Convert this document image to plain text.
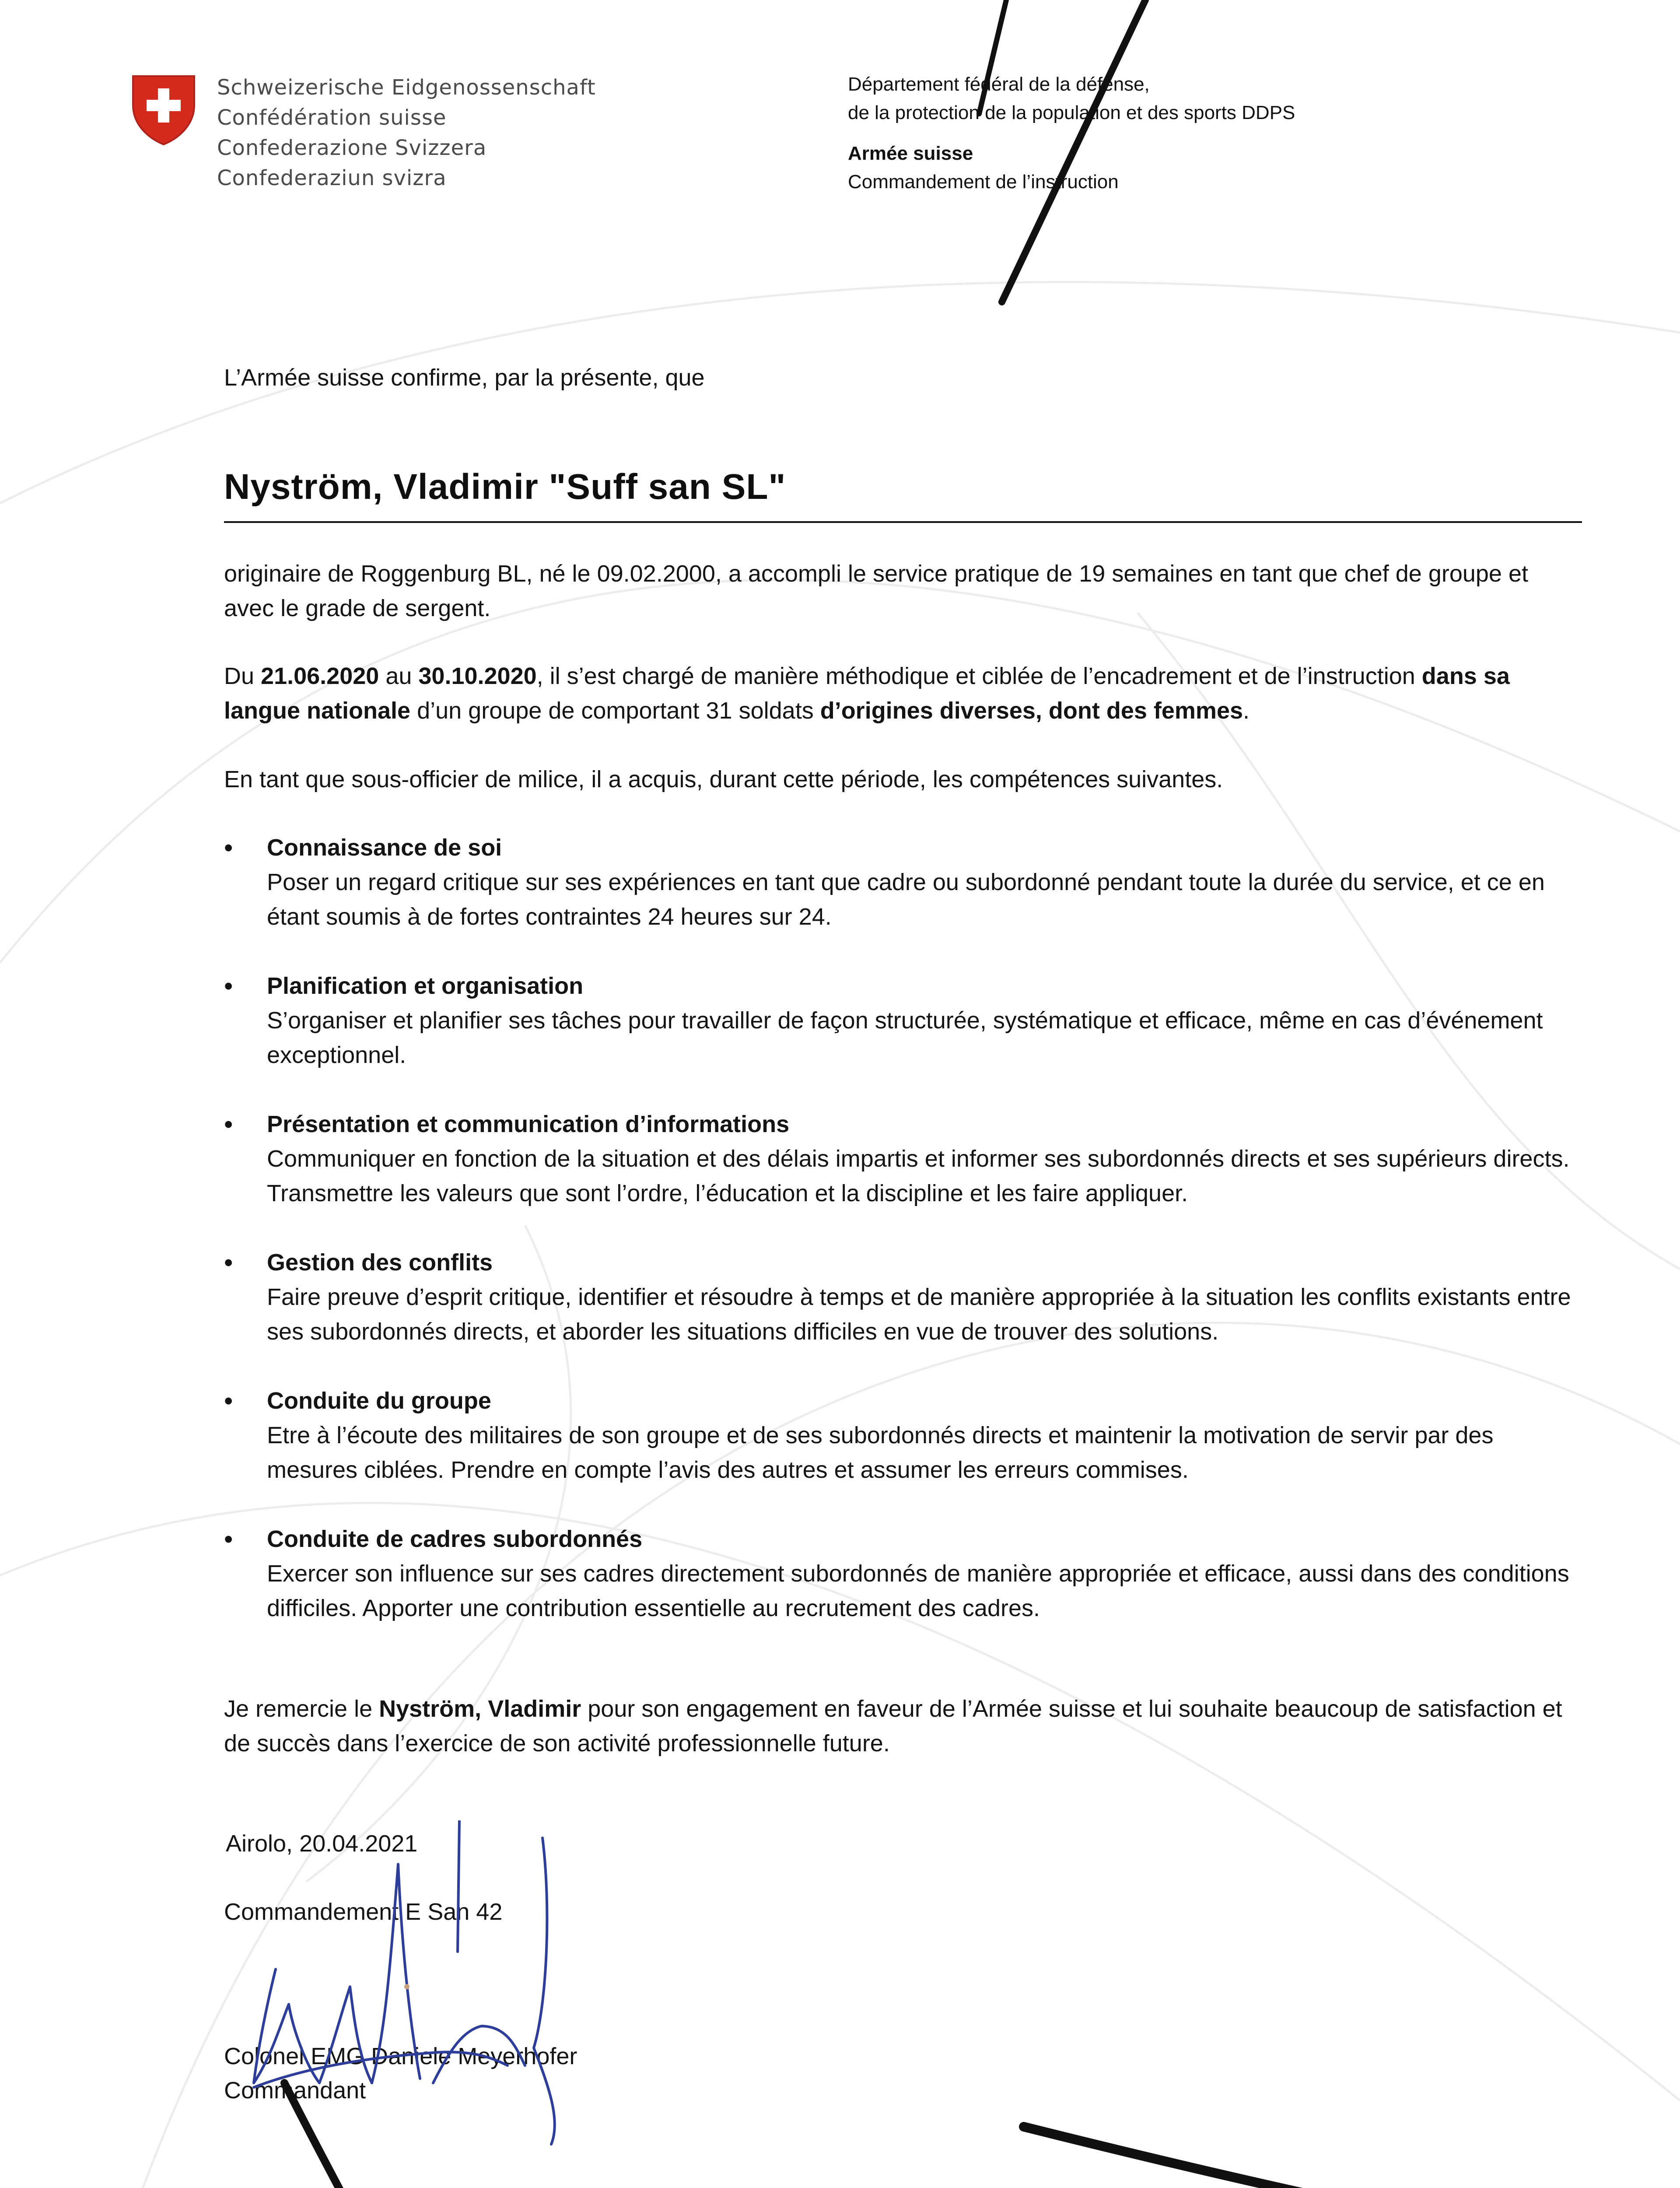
Schweizerische Eidgenossenschaft
Confédération suisse
Confederazione Svizzera
Confederaziun svizra
Département fédéral de la défense,
de la protection de la population et des sports DDPS
Armée suisse
Commandement de l’instruction
L’Armée suisse confirme, par la présente, que
Nyström, Vladimir "Suff san SL"
originaire de Roggenburg BL, né le 09.02.2000, a accompli le service pratique de 19 semaines en tant que chef de groupe et avec le grade de sergent.
Du 21.06.2020 au 30.10.2020, il s’est chargé de manière méthodique et ciblée de l’encadrement et de l’instruction dans sa langue nationale d’un groupe de comportant 31 soldats d’origines diverses, dont des femmes.
En tant que sous-officier de milice, il a acquis, durant cette période, les compétences suivantes.
• Connaissance de soi
Poser un regard critique sur ses expériences en tant que cadre ou subordonné pendant toute la durée du service, et ce en étant soumis à de fortes contraintes 24 heures sur 24.
• Planification et organisation
S’organiser et planifier ses tâches pour travailler de façon structurée, systématique et efficace, même en cas d’événement exceptionnel.
• Présentation et communication d’informations
Communiquer en fonction de la situation et des délais impartis et informer ses subordonnés directs et ses supérieurs directs. Transmettre les valeurs que sont l’ordre, l’éducation et la discipline et les faire appliquer.
• Gestion des conflits
Faire preuve d’esprit critique, identifier et résoudre à temps et de manière appropriée à la situation les conflits existants entre ses subordonnés directs, et aborder les situations difficiles en vue de trouver des solutions.
• Conduite du groupe
Etre à l’écoute des militaires de son groupe et de ses subordonnés directs et maintenir la motivation de servir par des mesures ciblées. Prendre en compte l’avis des autres et assumer les erreurs commises.
• Conduite de cadres subordonnés
Exercer son influence sur ses cadres directement subordonnés de manière appropriée et efficace, aussi dans des conditions difficiles. Apporter une contribution essentielle au recrutement des cadres.
Je remercie le Nyström, Vladimir pour son engagement en faveur de l’Armée suisse et lui souhaite beaucoup de satisfaction et de succès dans l’exercice de son activité professionnelle future.
Airolo, 20.04.2021
Commandement E San 42
Colonel EMG Daniele Meyerhofer
Commandant
